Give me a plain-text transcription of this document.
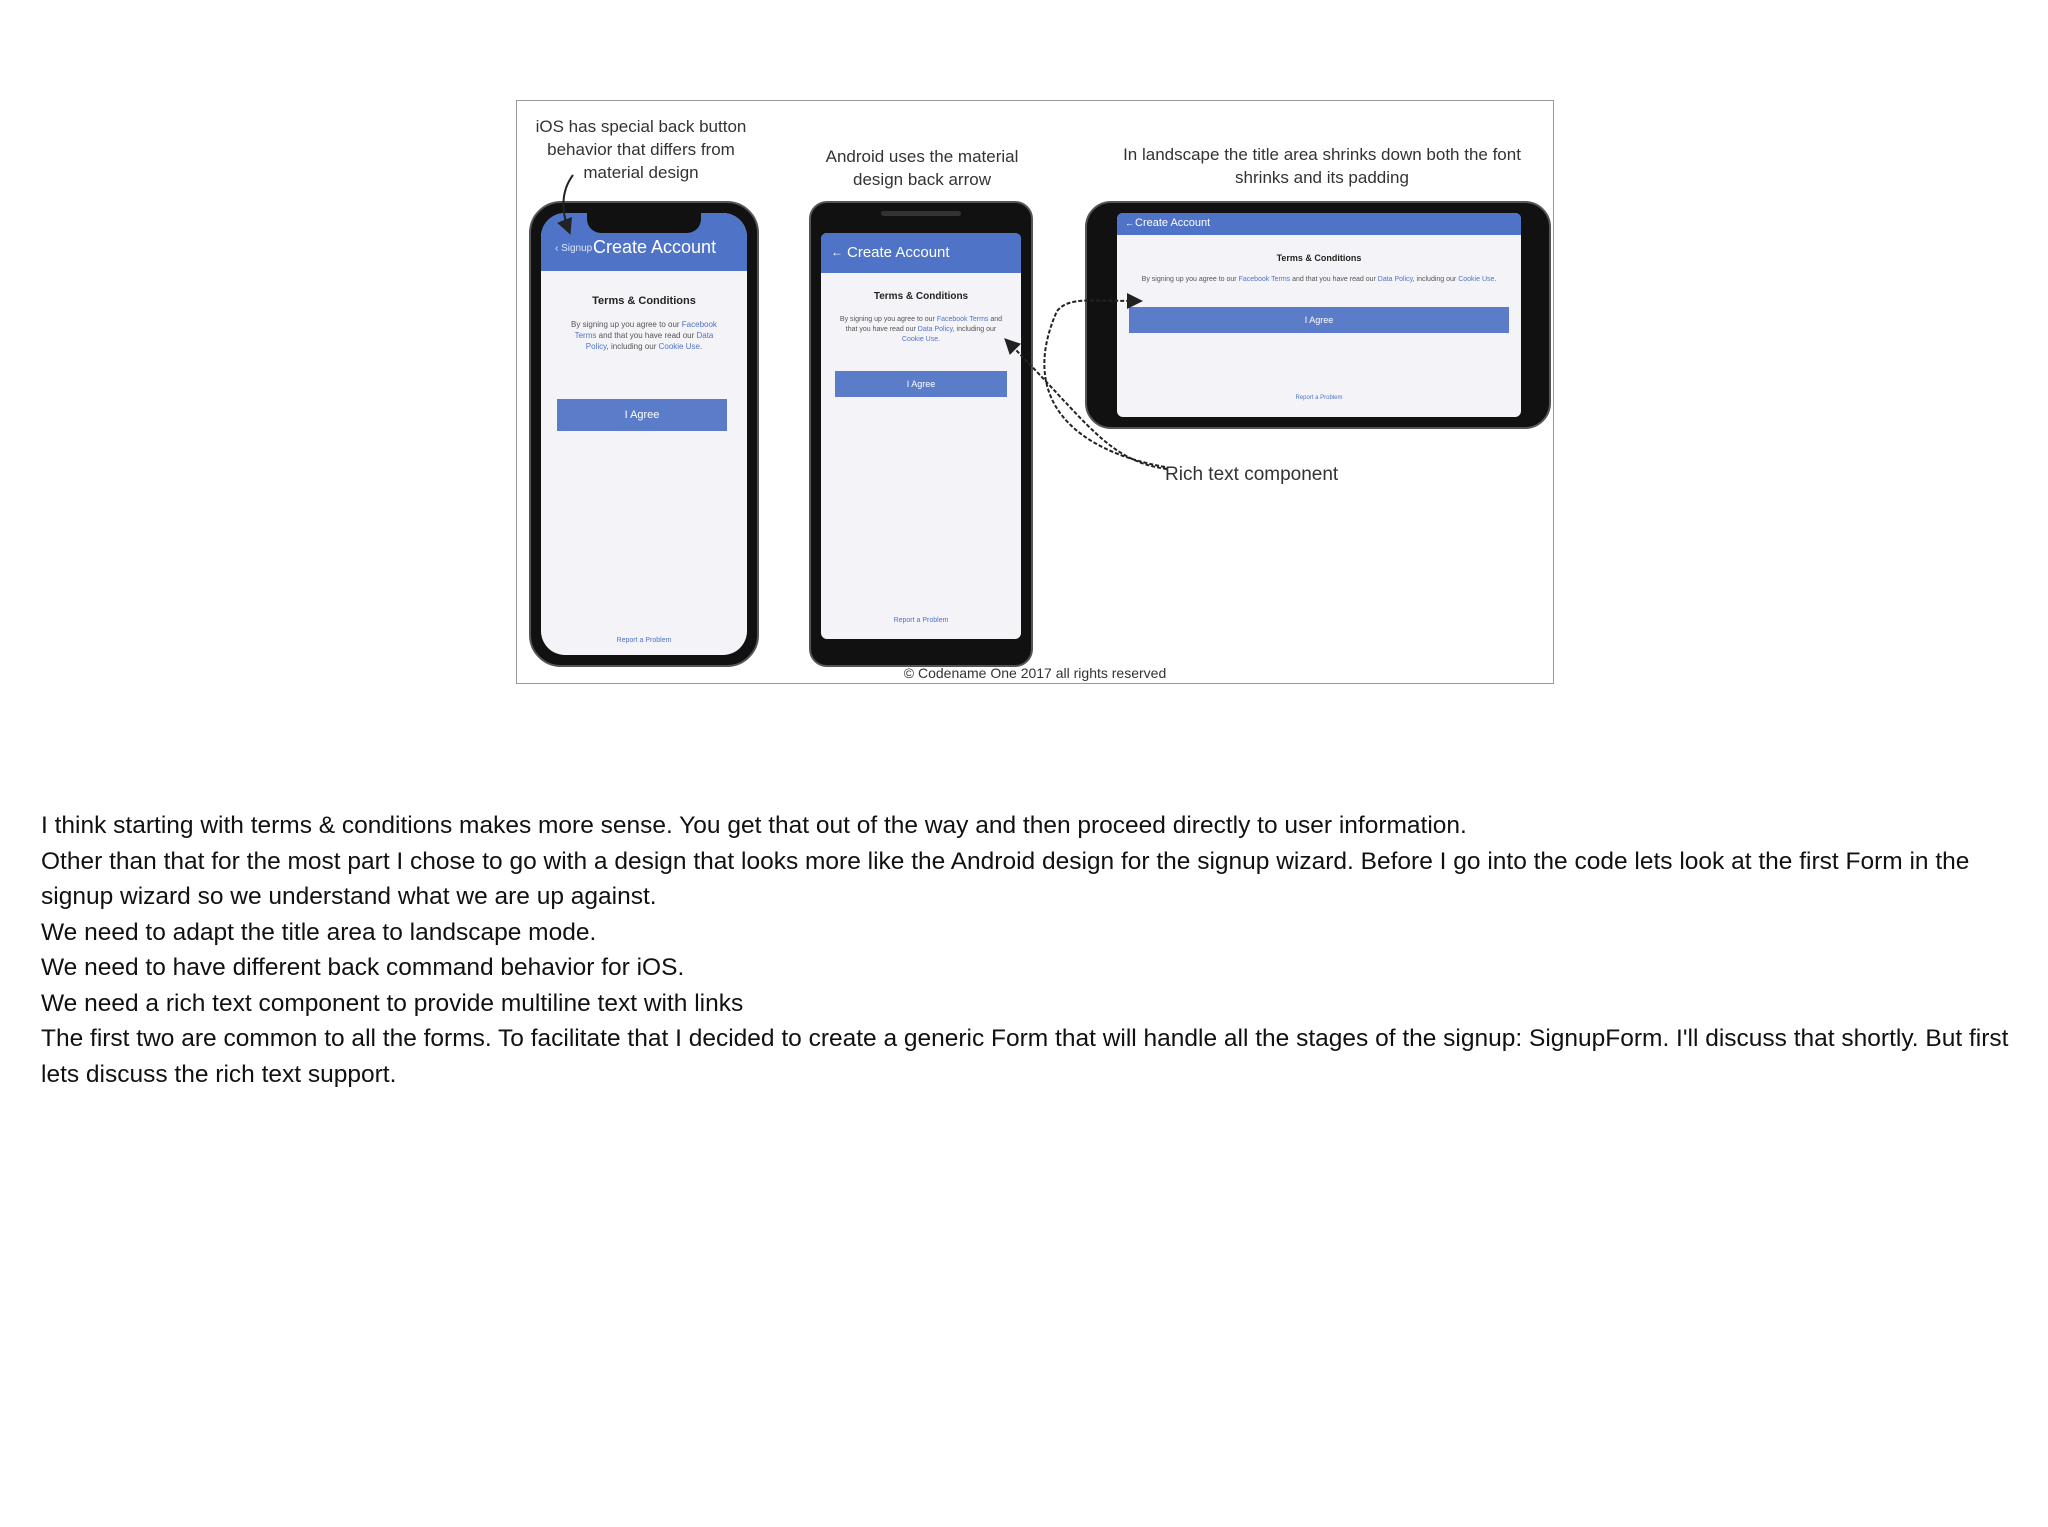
iOS has special back button
behavior that differs from
material design
Android uses the material
design back arrow
In landscape the title area shrinks down both the font
shrinks and its padding
‹ Signup Create Account
Terms & Conditions
By signing up you agree to our Facebook Terms and that you have read our Data Policy, including our Cookie Use.
I Agree
Report a Problem
← Create Account
Terms & Conditions
By signing up you agree to our Facebook Terms and that you have read our Data Policy, including our Cookie Use.
I Agree
Report a Problem
← Create Account
Terms & Conditions
By signing up you agree to our Facebook Terms and that you have read our Data Policy, including our Cookie Use.
I Agree
Report a Problem
Rich text component
© Codename One 2017 all rights reserved

I think starting with terms & conditions makes more sense. You get that out of the way and then proceed directly to user information.

Other than that for the most part I chose to go with a design that looks more like the Android design for the signup wizard. Before I go into the code lets look at the first Form in the signup wizard so we understand what we are up against.

We need to adapt the title area to landscape mode.

We need to have different back command behavior for iOS.

We need a rich text component to provide multiline text with links

The first two are common to all the forms. To facilitate that I decided to create a generic Form that will handle all the stages of the signup: SignupForm. I'll discuss that shortly. But first lets discuss the rich text support.
